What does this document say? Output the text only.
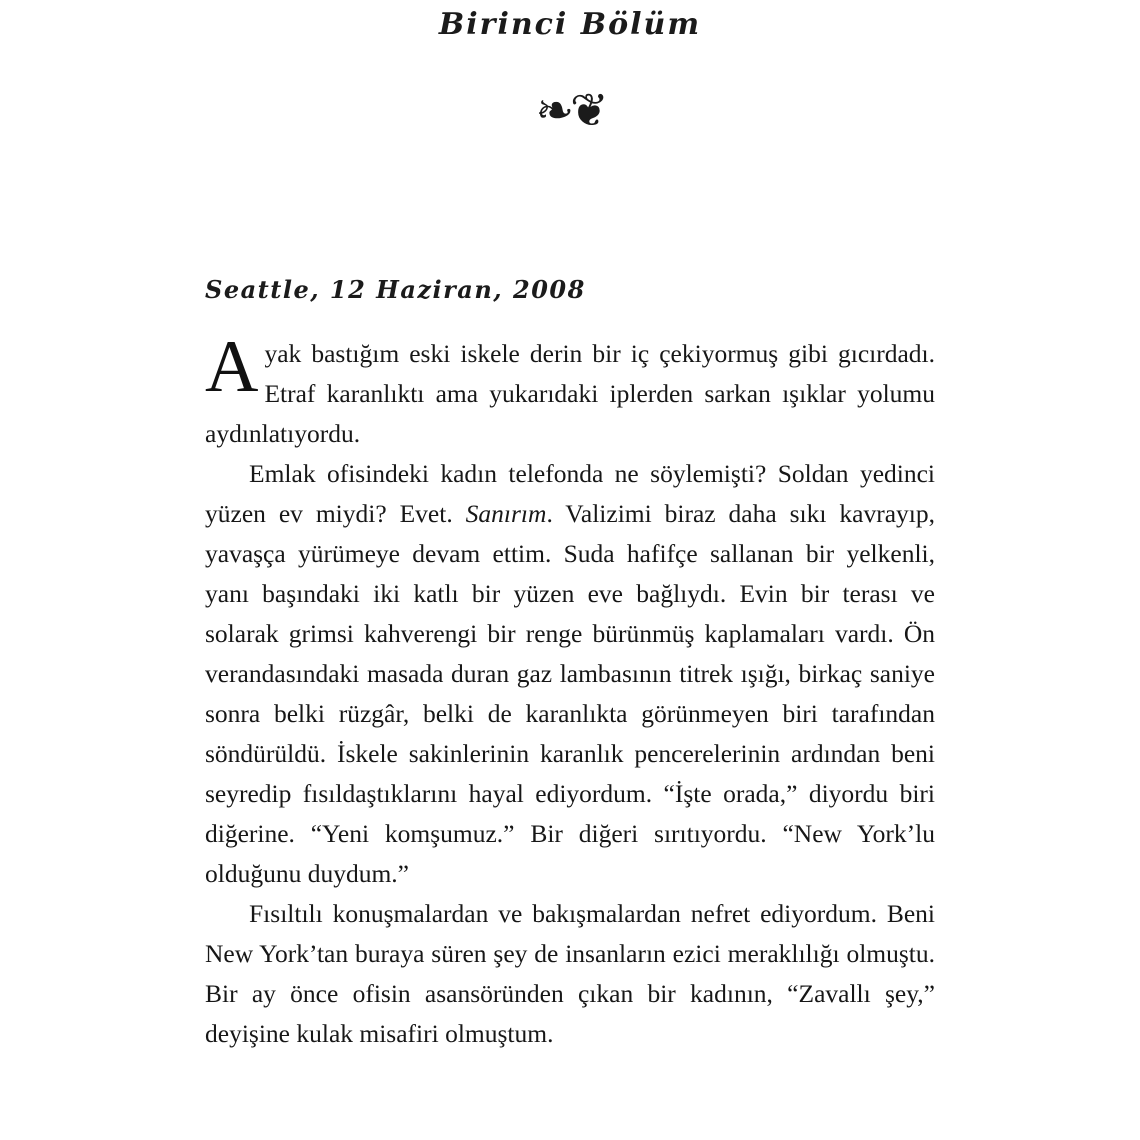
Birinci Bölüm
❧❦
Seattle, 12 Haziran, 2008

Ayak bastığım eski iskele derin bir iç çekiyormuş gibi gıcırdadı. Etraf karanlıktı ama yukarıdaki iplerden sarkan ışıklar yolumu aydınlatıyordu.

Emlak ofisindeki kadın telefonda ne söylemişti? Soldan yedinci yüzen ev miydi? Evet. Sanırım. Valizimi biraz daha sıkı kavrayıp, yavaşça yürümeye devam ettim. Suda hafifçe sallanan bir yelkenli, yanı başındaki iki katlı bir yüzen eve bağlıydı. Evin bir terası ve solarak grimsi kahverengi bir renge bürünmüş kaplamaları vardı. Ön verandasındaki masada duran gaz lambasının titrek ışığı, birkaç saniye sonra belki rüzgâr, belki de karanlıkta görünmeyen biri tarafından söndürüldü. İskele sakinlerinin karanlık pencerelerinin ardından beni seyredip fısıldaştıklarını hayal ediyordum. “İşte orada,” diyordu biri diğerine. “Yeni komşumuz.” Bir diğeri sırıtıyordu. “New York’lu olduğunu duydum.”

Fısıltılı konuşmalardan ve bakışmalardan nefret ediyordum. Beni New York’tan buraya süren şey de insanların ezici meraklılığı olmuştu. Bir ay önce ofisin asansöründen çıkan bir kadının, “Zavallı şey,” deyişine kulak misafiri olmuştum.
